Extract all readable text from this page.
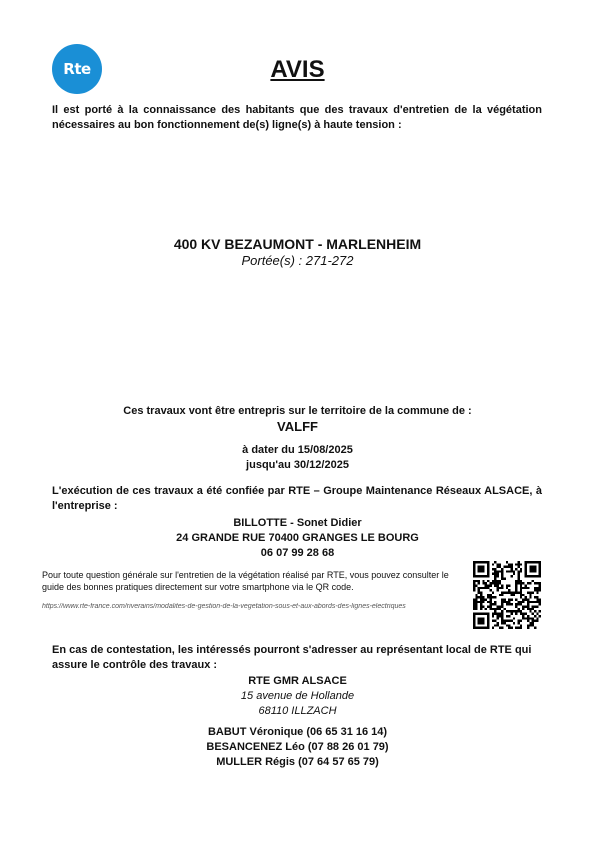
Rte	AVIS
Il est porté à la connaissance des habitants que des travaux d'entretien de la végétation nécessaires au bon fonctionnement de(s) ligne(s) à haute tension :
400 KV BEZAUMONT - MARLENHEIM
Portée(s) : 271-272
Ces travaux vont être entrepris sur le territoire de la commune de :
VALFF
à dater du 15/08/2025
jusqu'au 30/12/2025
L'exécution de ces travaux a été confiée par RTE – Groupe Maintenance Réseaux ALSACE, à l'entreprise :
BILLOTTE - Sonet Didier
24 GRANDE RUE 70400 GRANGES LE BOURG
06 07 99 28 68
Pour toute question générale sur l'entretien de la végétation réalisé par RTE, vous pouvez consulter le guide des bonnes pratiques directement sur votre smartphone via le QR code.
https://www.rte-france.com/riverains/modalites-de-gestion-de-la-vegetation-sous-et-aux-abords-des-lignes-electriques
En cas de contestation, les intéressés pourront s'adresser au représentant local de RTE qui assure le contrôle des travaux :
RTE GMR ALSACE
15 avenue de Hollande
68110 ILLZACH
BABUT Véronique (06 65 31 16 14)
BESANCENEZ Léo (07 88 26 01 79)
MULLER Régis (07 64 57 65 79)
